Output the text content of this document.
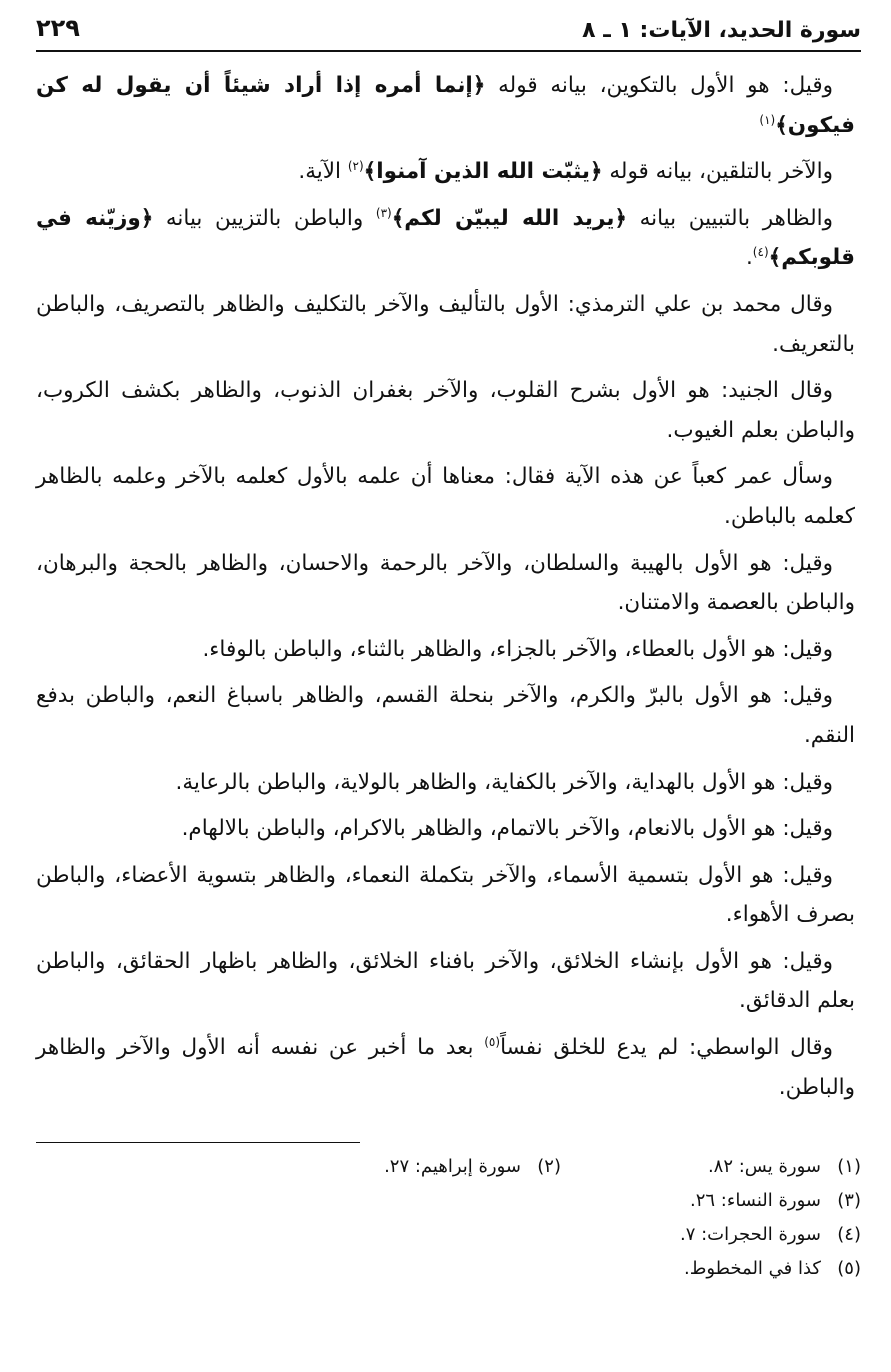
سورة الحديد، الآيات: ١ ـ ٨
٢٢٩

وقيل: هو الأول بالتكوين، بيانه قوله ﴿إنما أمره إذا أراد شيئاً أن يقول له كن فيكون﴾$^{(١)}$

والآخر بالتلقين، بيانه قوله ﴿يثبّت الله الذين آمنوا﴾$^{(٢)}$ الآية.

والظاهر بالتبيين بيانه ﴿يريد الله ليبيّن لكم﴾$^{(٣)}$ والباطن بالتزيين بيانه ﴿وزيّنه في قلوبكم﴾$^{(٤)}$.

وقال محمد بن علي الترمذي: الأول بالتأليف والآخر بالتكليف والظاهر بالتصريف، والباطن بالتعريف.

وقال الجنيد: هو الأول بشرح القلوب، والآخر بغفران الذنوب، والظاهر بكشف الكروب، والباطن بعلم الغيوب.

وسأل عمر كعباً عن هذه الآية فقال: معناها أن علمه بالأول كعلمه بالآخر وعلمه بالظاهر كعلمه بالباطن.

وقيل: هو الأول بالهيبة والسلطان، والآخر بالرحمة والاحسان، والظاهر بالحجة والبرهان، والباطن بالعصمة والامتنان.

وقيل: هو الأول بالعطاء، والآخر بالجزاء، والظاهر بالثناء، والباطن بالوفاء.

وقيل: هو الأول بالبرّ والكرم، والآخر بنحلة القسم، والظاهر باسباغ النعم، والباطن بدفع النقم.

وقيل: هو الأول بالهداية، والآخر بالكفاية، والظاهر بالولاية، والباطن بالرعاية.

وقيل: هو الأول بالانعام، والآخر بالاتمام، والظاهر بالاكرام، والباطن بالالهام.

وقيل: هو الأول بتسمية الأسماء، والآخر بتكملة النعماء، والظاهر بتسوية الأعضاء، والباطن بصرف الأهواء.

وقيل: هو الأول بإنشاء الخلائق، والآخر بافناء الخلائق، والظاهر باظهار الحقائق، والباطن بعلم الدقائق.

وقال الواسطي: لم يدع للخلق نفساً$^{(٥)}$ بعد ما أخبر عن نفسه أنه الأول والآخر والظاهر والباطن.

(١)
سورة يس: ٨٢.
(٢)
سورة إبراهيم: ٢٧.
(٣)
سورة النساء: ٢٦.
(٤)
سورة الحجرات: ٧.
(٥)
كذا في المخطوط.
